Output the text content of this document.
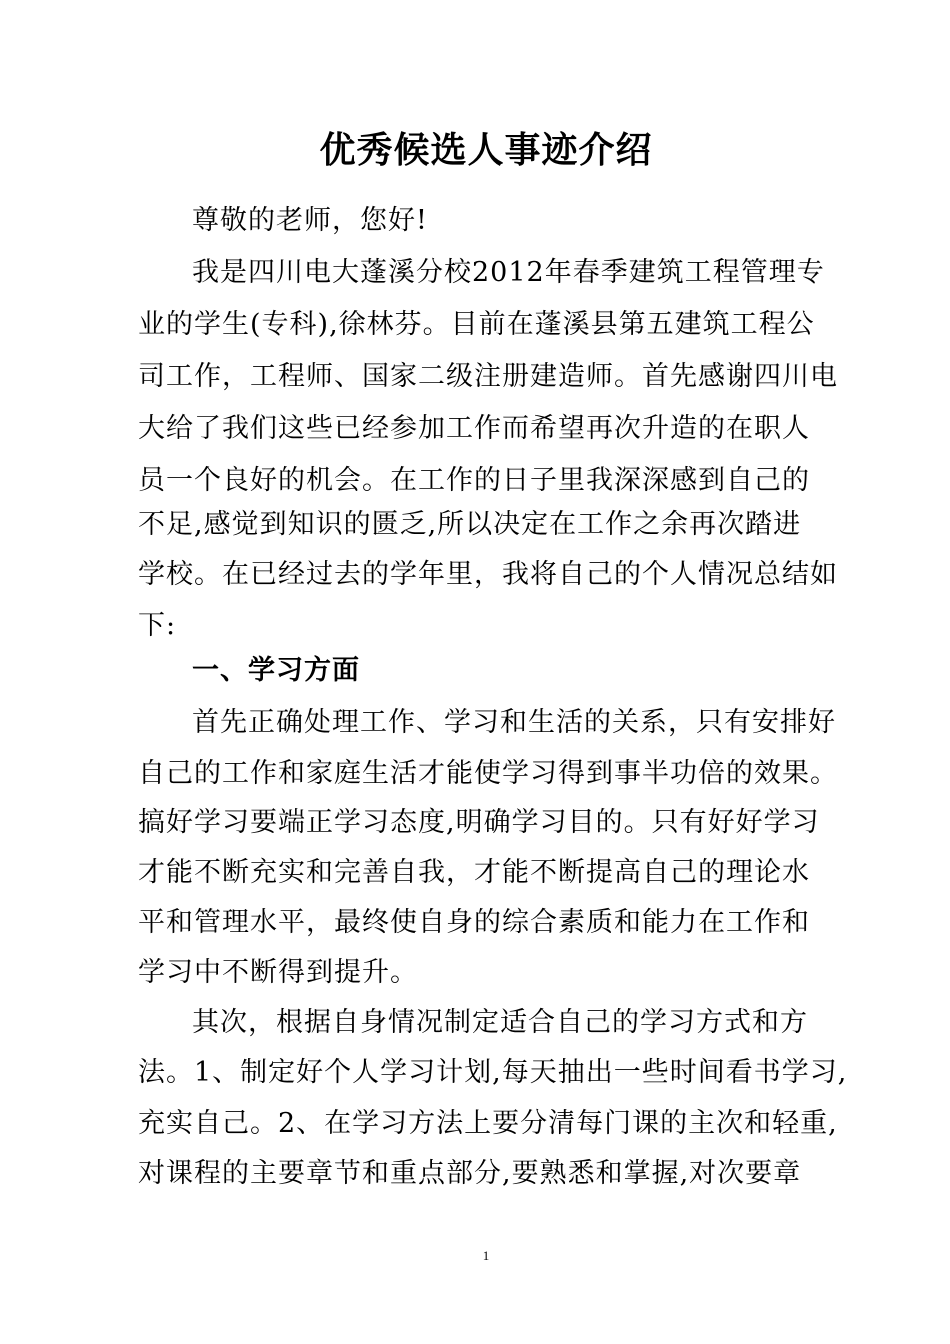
优秀候选人事迹介绍
尊敬的老师，您好!
我是四川电大蓬溪分校2012年春季建筑工程管理专
业的学生(专科),徐林芬。目前在蓬溪县第五建筑工程公
司工作，工程师、国家二级注册建造师。首先感谢四川电
大给了我们这些已经参加工作而希望再次升造的在职人
员一个良好的机会。在工作的日子里我深深感到自己的
不足,感觉到知识的匮乏,所以决定在工作之余再次踏进
学校。在已经过去的学年里，我将自己的个人情况总结如
下:
一、学习方面
首先正确处理工作、学习和生活的关系，只有安排好
自己的工作和家庭生活才能使学习得到事半功倍的效果。
搞好学习要端正学习态度,明确学习目的。只有好好学习
才能不断充实和完善自我，才能不断提高自己的理论水
平和管理水平，最终使自身的综合素质和能力在工作和
学习中不断得到提升。
其次，根据自身情况制定适合自己的学习方式和方
法。1、制定好个人学习计划,每天抽出一些时间看书学习,
充实自己。2、在学习方法上要分清每门课的主次和轻重,
对课程的主要章节和重点部分,要熟悉和掌握,对次要章
1
